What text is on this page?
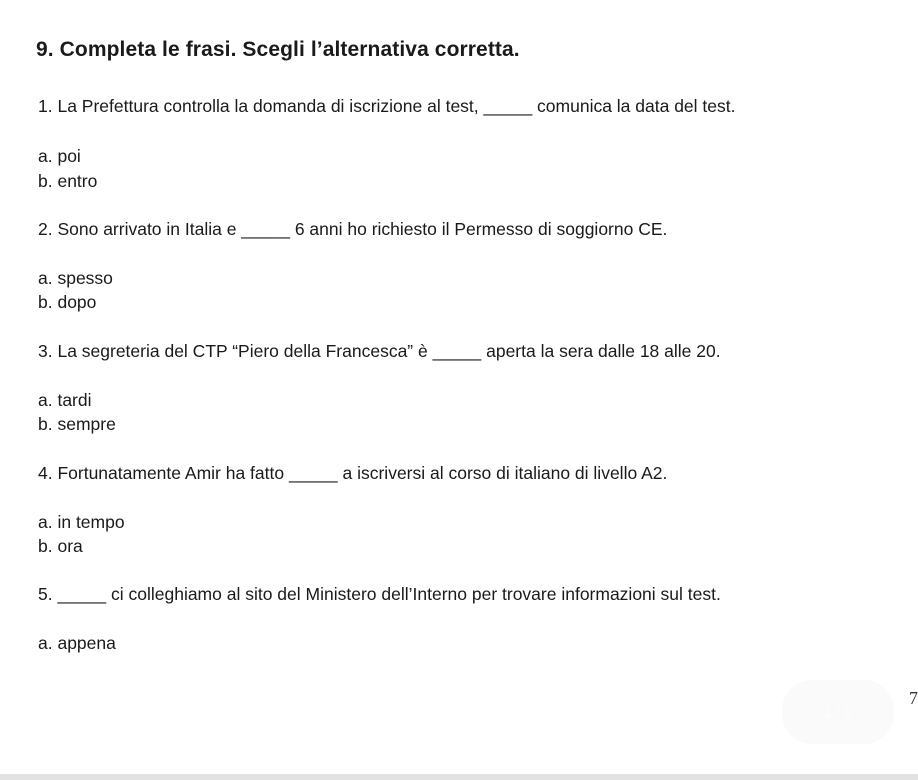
9. Completa le frasi. Scegli l’alternativa corretta.
1. La Prefettura controlla la domanda di iscrizione al test, _____ comunica la data del test.
a. poi
b. entro
2. Sono arrivato in Italia e _____ 6 anni ho richiesto il Permesso di soggiorno CE.
a. spesso
b. dopo
3. La segreteria del CTP “Piero della Francesca” è _____ aperta la sera dalle 18 alle 20.
a. tardi
b. sempre
4. Fortunatamente Amir ha fatto _____ a iscriversi al corso di italiano di livello A2.
a. in tempo
b. ora
5. _____ ci colleghiamo al sito del Ministero dell’Interno per trovare informazioni sul test.
a. appena
1 / 1
7
